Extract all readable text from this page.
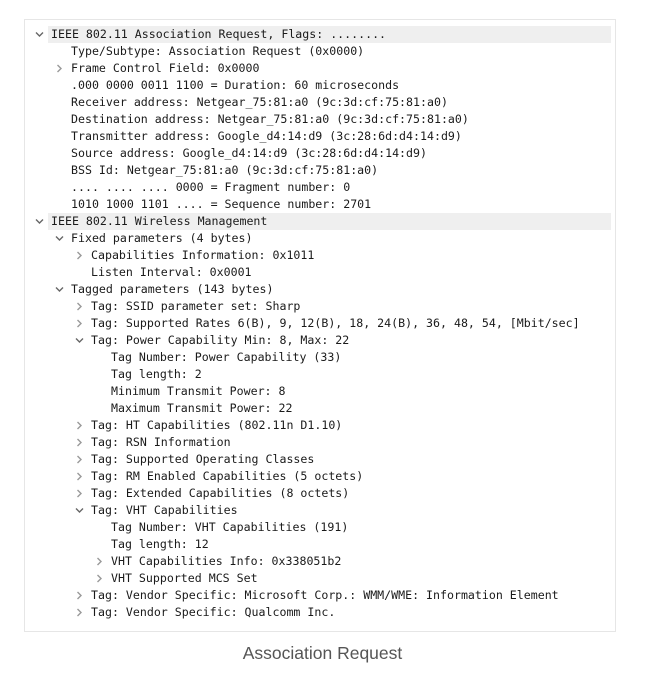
IEEE 802.11 Association Request, Flags: ........
Type/Subtype: Association Request (0x0000)
Frame Control Field: 0x0000
.000 0000 0011 1100 = Duration: 60 microseconds
Receiver address: Netgear_75:81:a0 (9c:3d:cf:75:81:a0)
Destination address: Netgear_75:81:a0 (9c:3d:cf:75:81:a0)
Transmitter address: Google_d4:14:d9 (3c:28:6d:d4:14:d9)
Source address: Google_d4:14:d9 (3c:28:6d:d4:14:d9)
BSS Id: Netgear_75:81:a0 (9c:3d:cf:75:81:a0)
.... .... .... 0000 = Fragment number: 0
1010 1000 1101 .... = Sequence number: 2701
IEEE 802.11 Wireless Management
Fixed parameters (4 bytes)
Capabilities Information: 0x1011
Listen Interval: 0x0001
Tagged parameters (143 bytes)
Tag: SSID parameter set: Sharp
Tag: Supported Rates 6(B), 9, 12(B), 18, 24(B), 36, 48, 54, [Mbit/sec]
Tag: Power Capability Min: 8, Max: 22
Tag Number: Power Capability (33)
Tag length: 2
Minimum Transmit Power: 8
Maximum Transmit Power: 22
Tag: HT Capabilities (802.11n D1.10)
Tag: RSN Information
Tag: Supported Operating Classes
Tag: RM Enabled Capabilities (5 octets)
Tag: Extended Capabilities (8 octets)
Tag: VHT Capabilities
Tag Number: VHT Capabilities (191)
Tag length: 12
VHT Capabilities Info: 0x338051b2
VHT Supported MCS Set
Tag: Vendor Specific: Microsoft Corp.: WMM/WME: Information Element
Tag: Vendor Specific: Qualcomm Inc.
Association Request
